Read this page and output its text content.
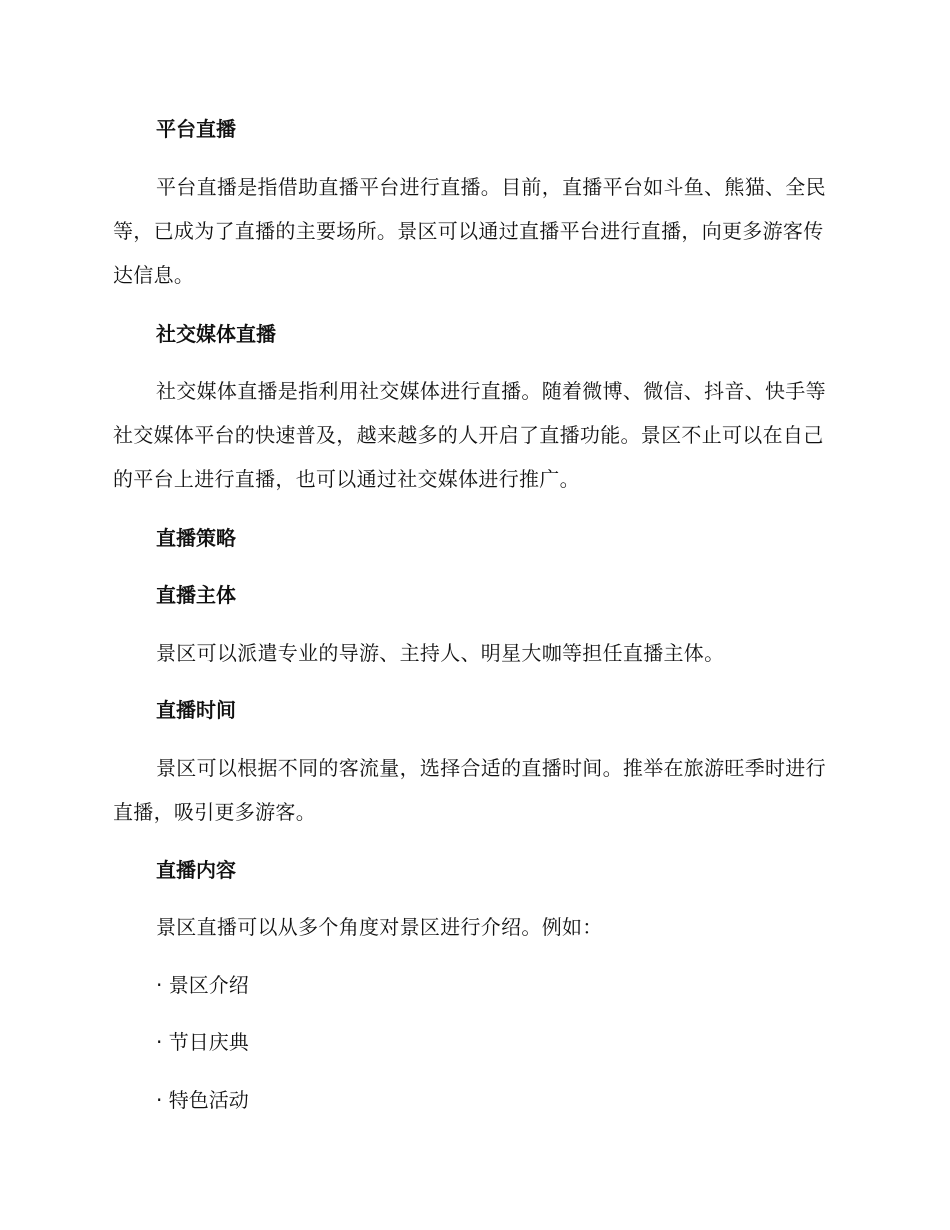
平台直播

平台直播是指借助直播平台进行直播。目前，直播平台如斗鱼、熊猫、全民等，已成为了直播的主要场所。景区可以通过直播平台进行直播，向更多游客传达信息。

社交媒体直播

社交媒体直播是指利用社交媒体进行直播。随着微博、微信、抖音、快手等社交媒体平台的快速普及，越来越多的人开启了直播功能。景区不止可以在自己的平台上进行直播，也可以通过社交媒体进行推广。

直播策略

直播主体

景区可以派遣专业的导游、主持人、明星大咖等担任直播主体。

直播时间

景区可以根据不同的客流量，选择合适的直播时间。推举在旅游旺季时进行直播，吸引更多游客。

直播内容

景区直播可以从多个角度对景区进行介绍。例如：

· 景区介绍

· 节日庆典

· 特色活动
